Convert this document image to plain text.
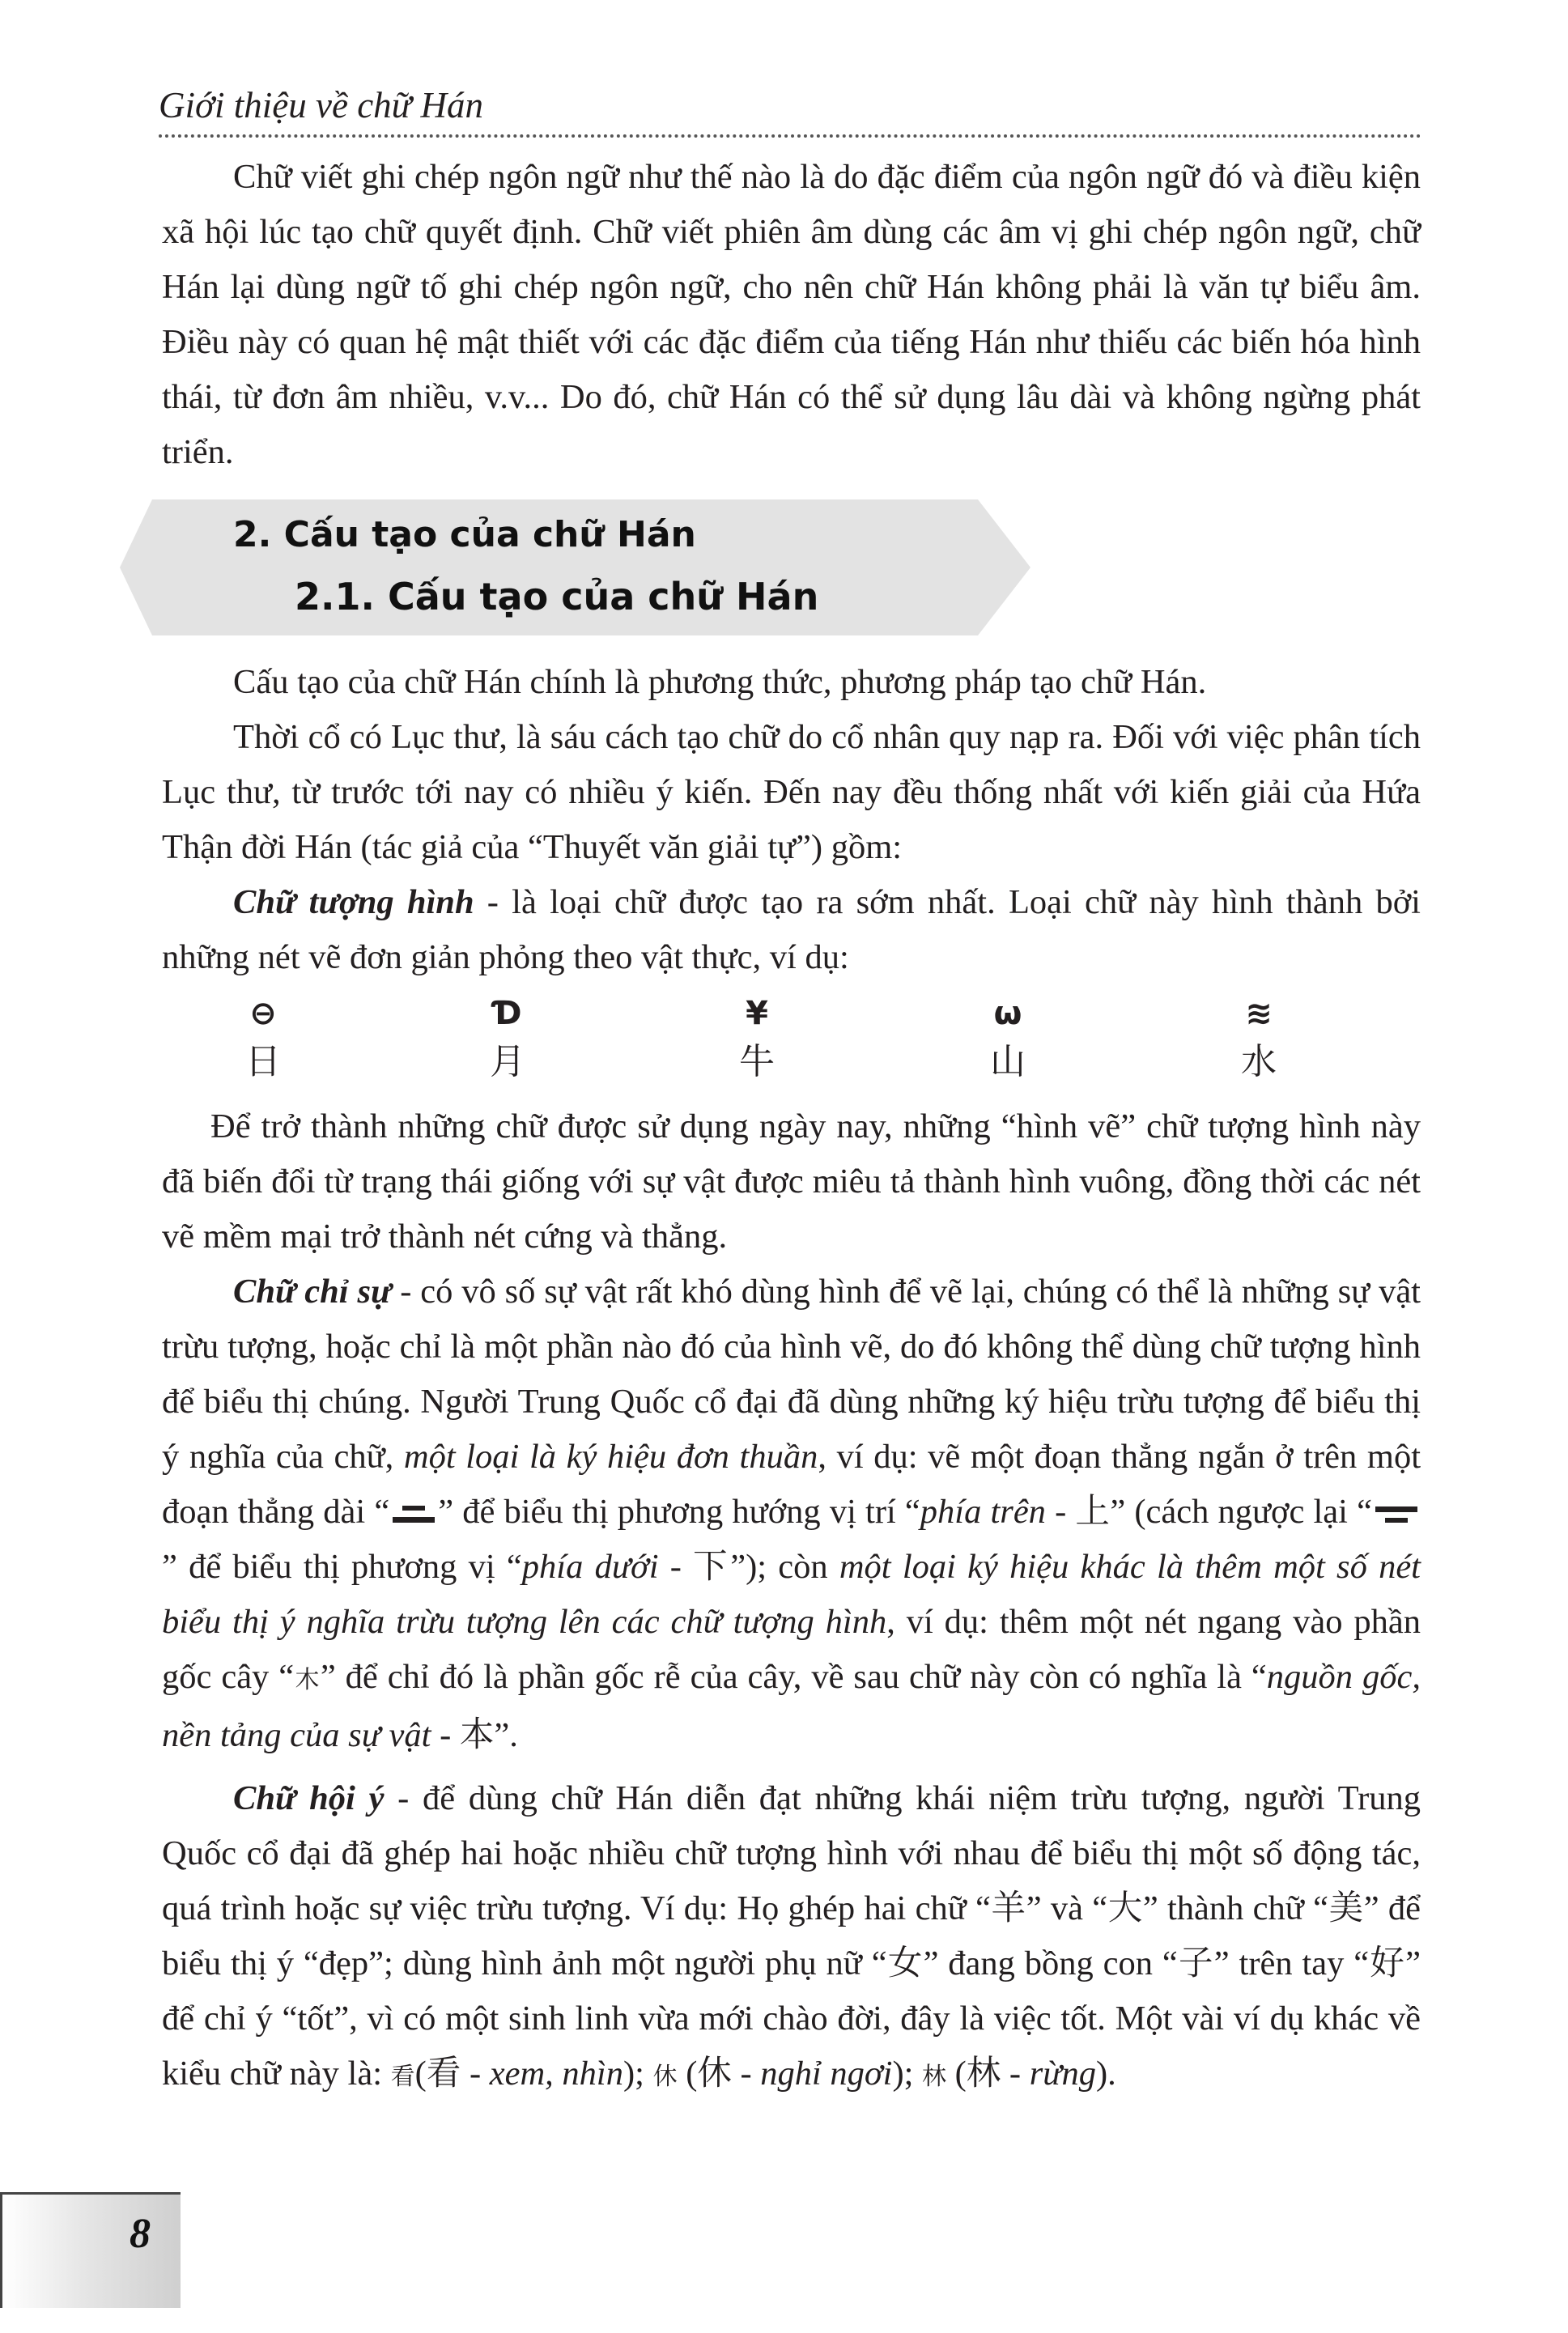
Giới thiệu về chữ Hán

Chữ viết ghi chép ngôn ngữ như thế nào là do đặc điểm của ngôn ngữ đó và điều kiện xã hội lúc tạo chữ quyết định. Chữ viết phiên âm dùng các âm vị ghi chép ngôn ngữ, chữ Hán lại dùng ngữ tố ghi chép ngôn ngữ, cho nên chữ Hán không phải là văn tự biểu âm. Điều này có quan hệ mật thiết với các đặc điểm của tiếng Hán như thiếu các biến hóa hình thái, từ đơn âm nhiều, v.v... Do đó, chữ Hán có thể sử dụng lâu dài và không ngừng phát triển.

2. Cấu tạo của chữ Hán
2.1. Cấu tạo của chữ Hán

Cấu tạo của chữ Hán chính là phương thức, phương pháp tạo chữ Hán.

Thời cổ có Lục thư, là sáu cách tạo chữ do cổ nhân quy nạp ra. Đối với việc phân tích Lục thư, từ trước tới nay có nhiều ý kiến. Đến nay đều thống nhất với kiến giải của Hứa Thận đời Hán (tác giả của “Thuyết văn giải tự”) gồm:

Chữ tượng hình - là loại chữ được tạo ra sớm nhất. Loại chữ này hình thành bởi những nét vẽ đơn giản phỏng theo vật thực, ví dụ:

⊖
日
Ɗ
月
¥
牛
ω
山
≋
水

Để trở thành những chữ được sử dụng ngày nay, những “hình vẽ” chữ tượng hình này đã biến đổi từ trạng thái giống với sự vật được miêu tả thành hình vuông, đồng thời các nét vẽ mềm mại trở thành nét cứng và thẳng.

Chữ chỉ sự - có vô số sự vật rất khó dùng hình để vẽ lại, chúng có thể là những sự vật trừu tượng, hoặc chỉ là một phần nào đó của hình vẽ, do đó không thể dùng chữ tượng hình để biểu thị chúng. Người Trung Quốc cổ đại đã dùng những ký hiệu trừu tượng để biểu thị ý nghĩa của chữ, một loại là ký hiệu đơn thuần, ví dụ: vẽ một đoạn thẳng ngắn ở trên một đoạn thẳng dài “ ” để biểu thị phương hướng vị trí “phía trên - 上” (cách ngược lại “” để biểu thị phương vị “phía dưới - 下”); còn một loại ký hiệu khác là thêm một số nét biểu thị ý nghĩa trừu tượng lên các chữ tượng hình, ví dụ: thêm một nét ngang vào phần gốc cây “木” để chỉ đó là phần gốc rễ của cây, về sau chữ này còn có nghĩa là “nguồn gốc, nền tảng của sự vật - 本”.

Chữ hội ý - để dùng chữ Hán diễn đạt những khái niệm trừu tượng, người Trung Quốc cổ đại đã ghép hai hoặc nhiều chữ tượng hình với nhau để biểu thị một số động tác, quá trình hoặc sự việc trừu tượng. Ví dụ: Họ ghép hai chữ “羊” và “大” thành chữ “美” để biểu thị ý “đẹp”; dùng hình ảnh một người phụ nữ “女” đang bồng con “子” trên tay “好” để chỉ ý “tốt”, vì có một sinh linh vừa mới chào đời, đây là việc tốt. Một vài ví dụ khác về kiểu chữ này là: 看(看 - xem, nhìn); 休 (休 - nghỉ ngơi); 林 (林 - rừng).

8
